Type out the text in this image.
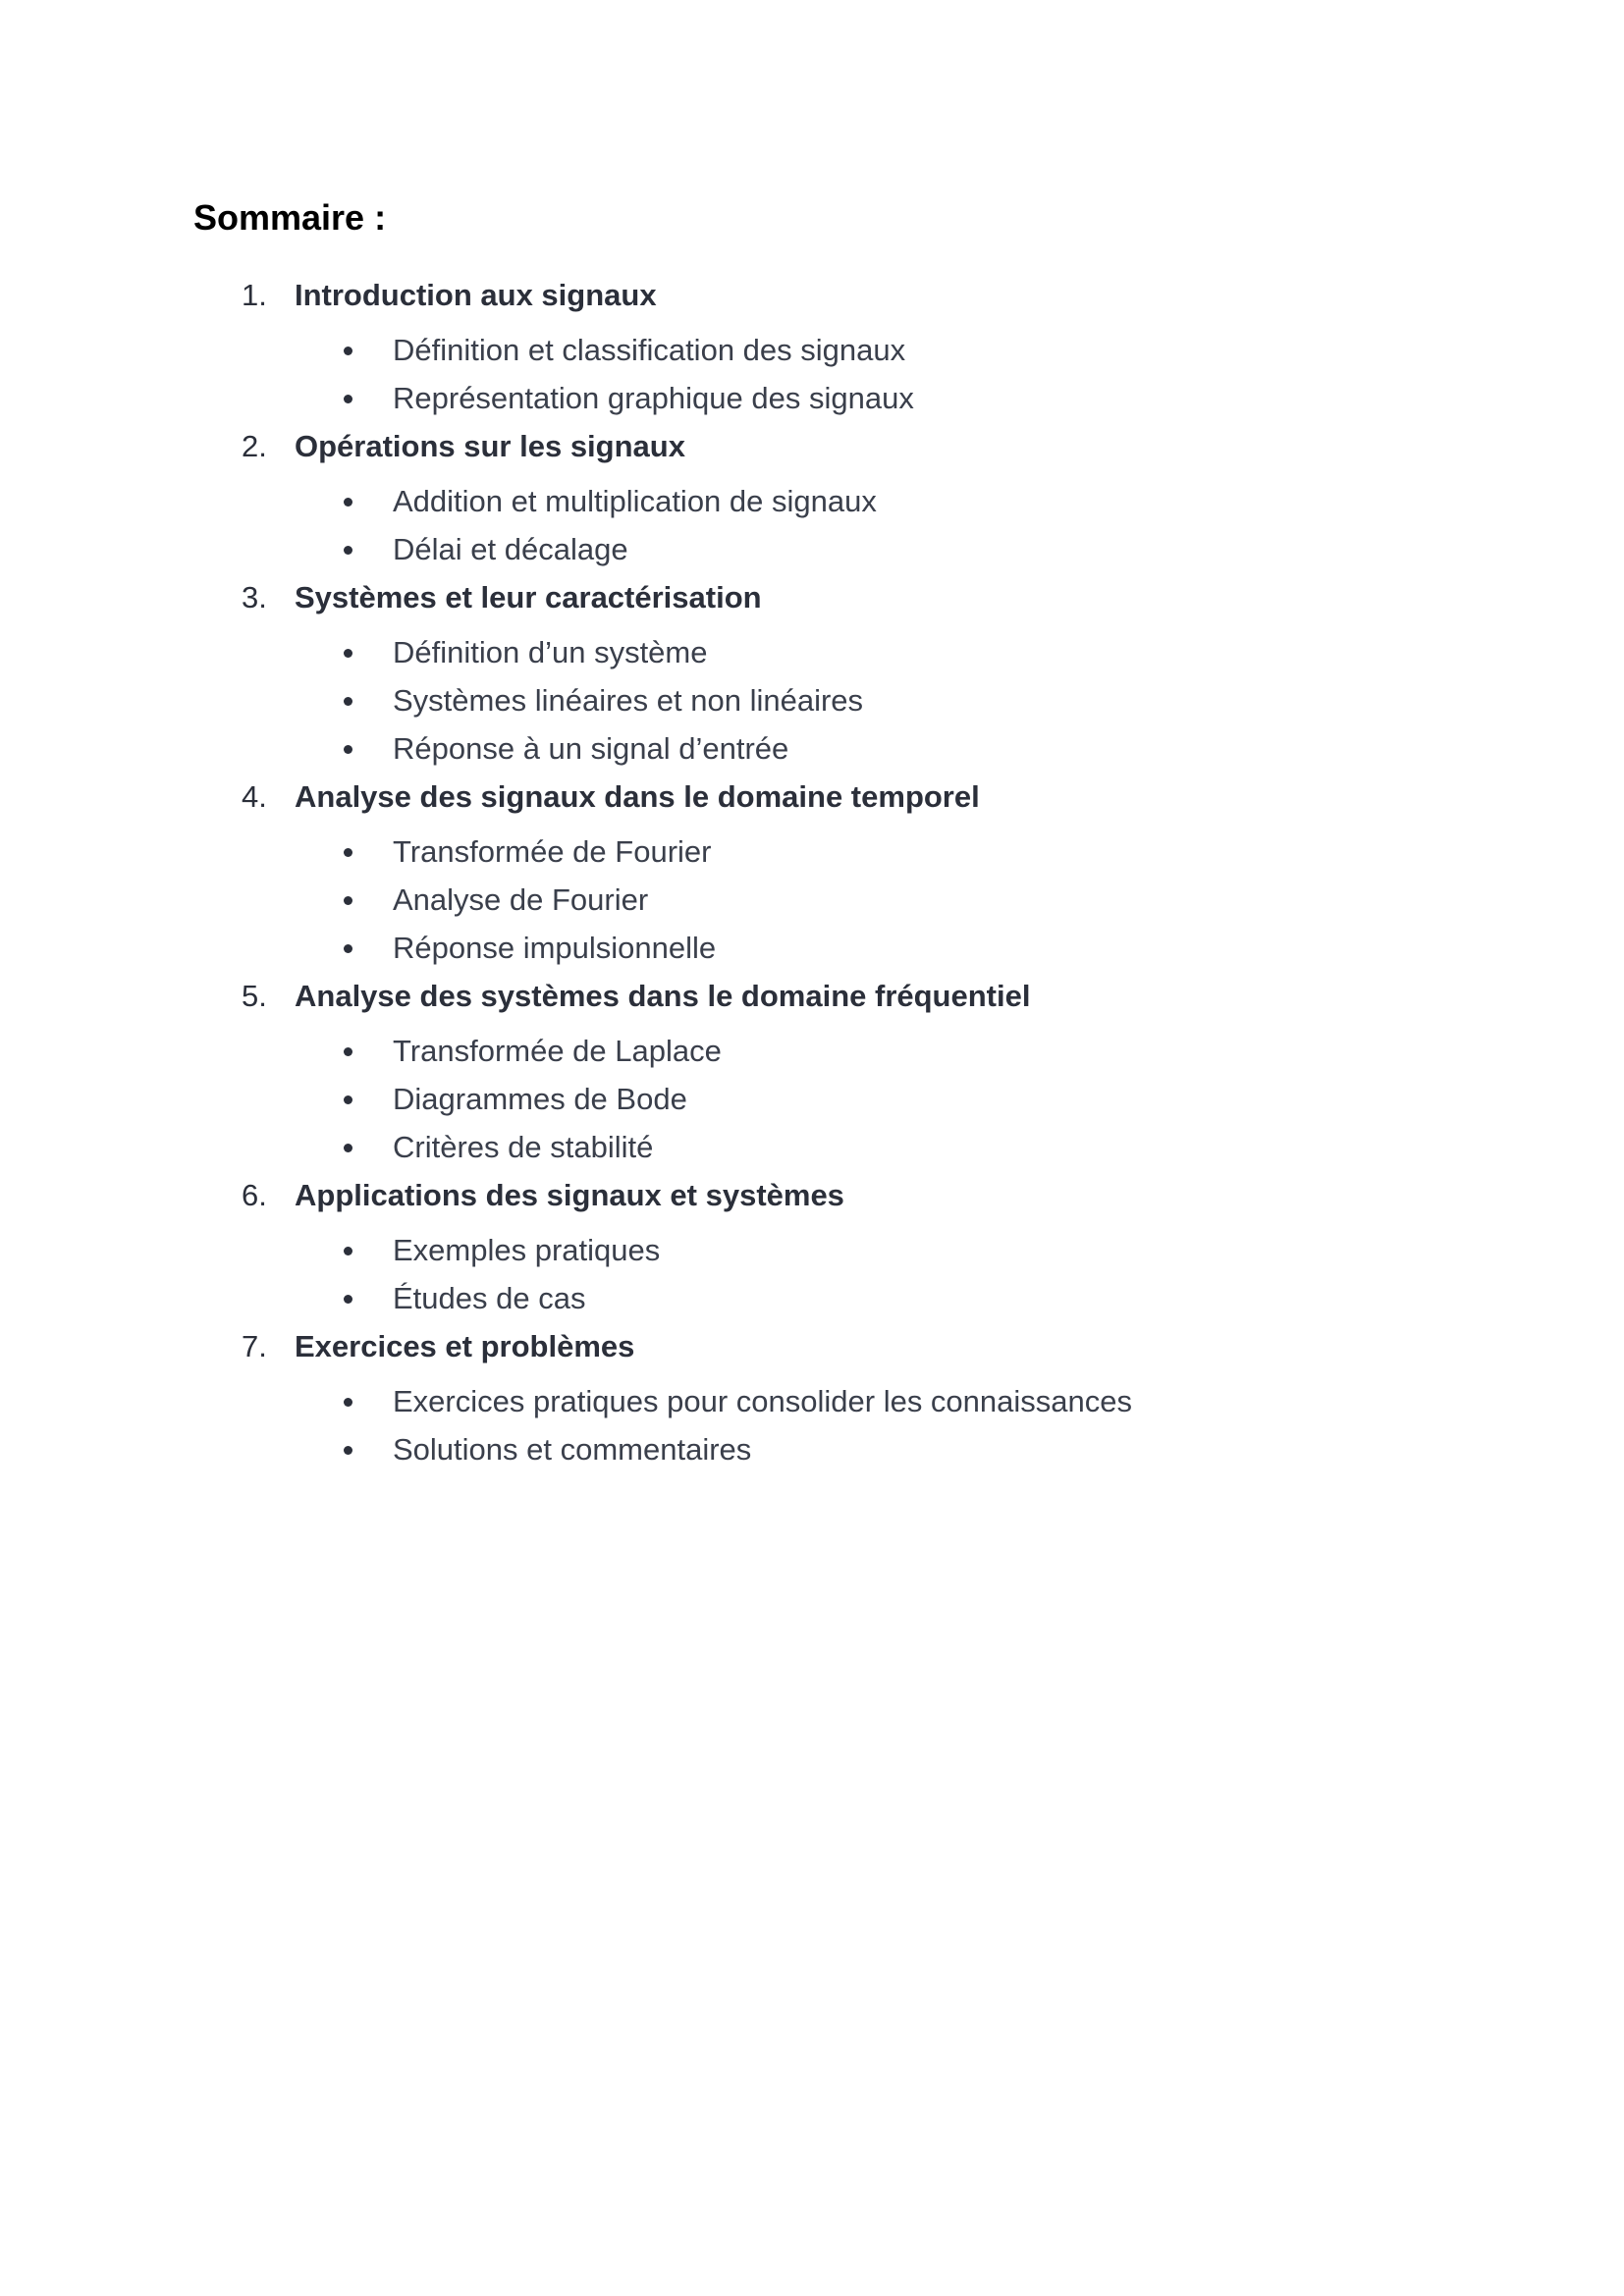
Sommaire :
1. Introduction aux signaux
Définition et classification des signaux
Représentation graphique des signaux
2. Opérations sur les signaux
Addition et multiplication de signaux
Délai et décalage
3. Systèmes et leur caractérisation
Définition d’un système
Systèmes linéaires et non linéaires
Réponse à un signal d’entrée
4. Analyse des signaux dans le domaine temporel
Transformée de Fourier
Analyse de Fourier
Réponse impulsionnelle
5. Analyse des systèmes dans le domaine fréquentiel
Transformée de Laplace
Diagrammes de Bode
Critères de stabilité
6. Applications des signaux et systèmes
Exemples pratiques
Études de cas
7. Exercices et problèmes
Exercices pratiques pour consolider les connaissances
Solutions et commentaires
